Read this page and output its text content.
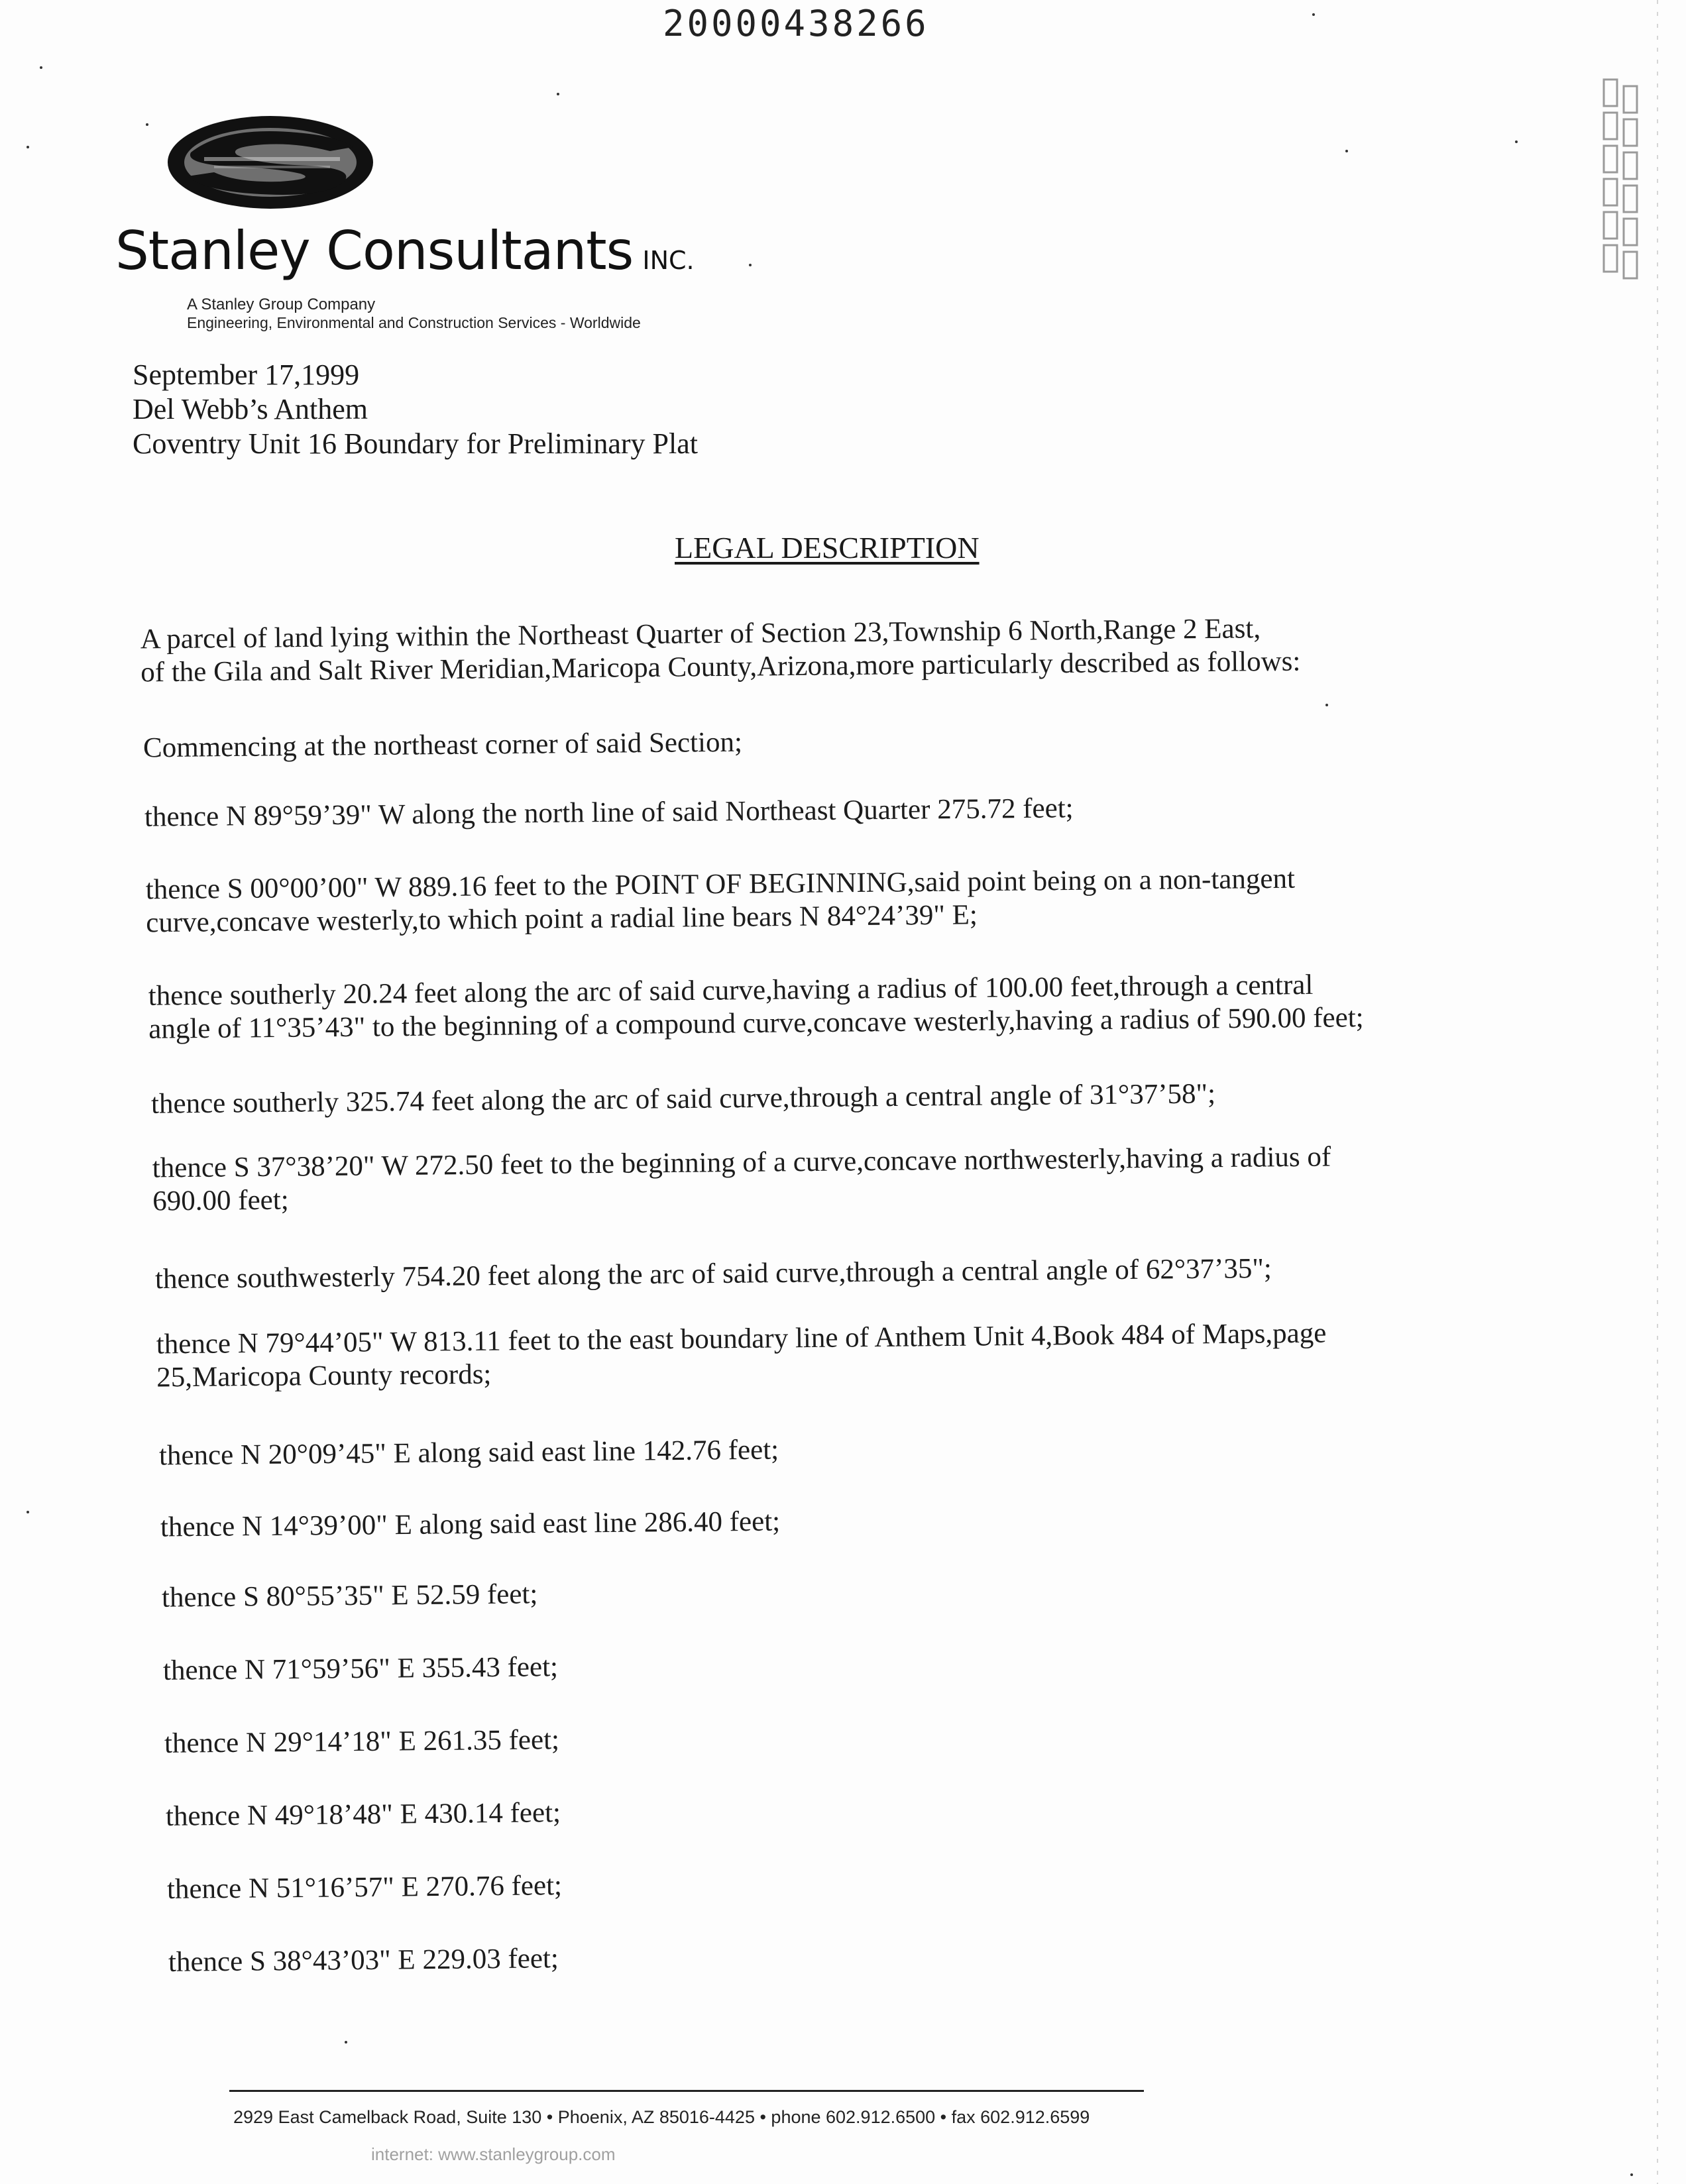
20000438266
Stanley Consultants INC.
A Stanley Group Company
Engineering, Environmental and Construction Services - Worldwide
September 17,1999
Del Webb’s Anthem
Coventry Unit 16 Boundary for Preliminary Plat
LEGAL DESCRIPTION
A parcel of land lying within the Northeast Quarter of Section 23,Township 6 North,Range 2 East,
of the Gila and Salt River Meridian,Maricopa County,Arizona,more particularly described as follows:
Commencing at the northeast corner of said Section;
thence N 89°59’39" W along the north line of said Northeast Quarter 275.72 feet;
thence S 00°00’00" W 889.16 feet to the POINT OF BEGINNING,said point being on a non-tangent
curve,concave westerly,to which point a radial line bears N 84°24’39" E;
thence southerly 20.24 feet along the arc of said curve,having a radius of 100.00 feet,through a central
angle of 11°35’43" to the beginning of a compound curve,concave westerly,having a radius of 590.00 feet;
thence southerly 325.74 feet along the arc of said curve,through a central angle of 31°37’58";
thence S 37°38’20" W 272.50 feet to the beginning of a curve,concave northwesterly,having a radius of
690.00 feet;
thence southwesterly 754.20 feet along the arc of said curve,through a central angle of 62°37’35";
thence N 79°44’05" W 813.11 feet to the east boundary line of Anthem Unit 4,Book 484 of Maps,page
25,Maricopa County records;
thence N 20°09’45" E along said east line 142.76 feet;
thence N 14°39’00" E along said east line 286.40 feet;
thence S 80°55’35" E 52.59 feet;
thence N 71°59’56" E 355.43 feet;
thence N 29°14’18" E 261.35 feet;
thence N 49°18’48" E 430.14 feet;
thence N 51°16’57" E 270.76 feet;
thence S 38°43’03" E 229.03 feet;
2929 East Camelback Road, Suite 130 • Phoenix, AZ 85016-4425 • phone 602.912.6500 • fax 602.912.6599
internet: www.stanleygroup.com
